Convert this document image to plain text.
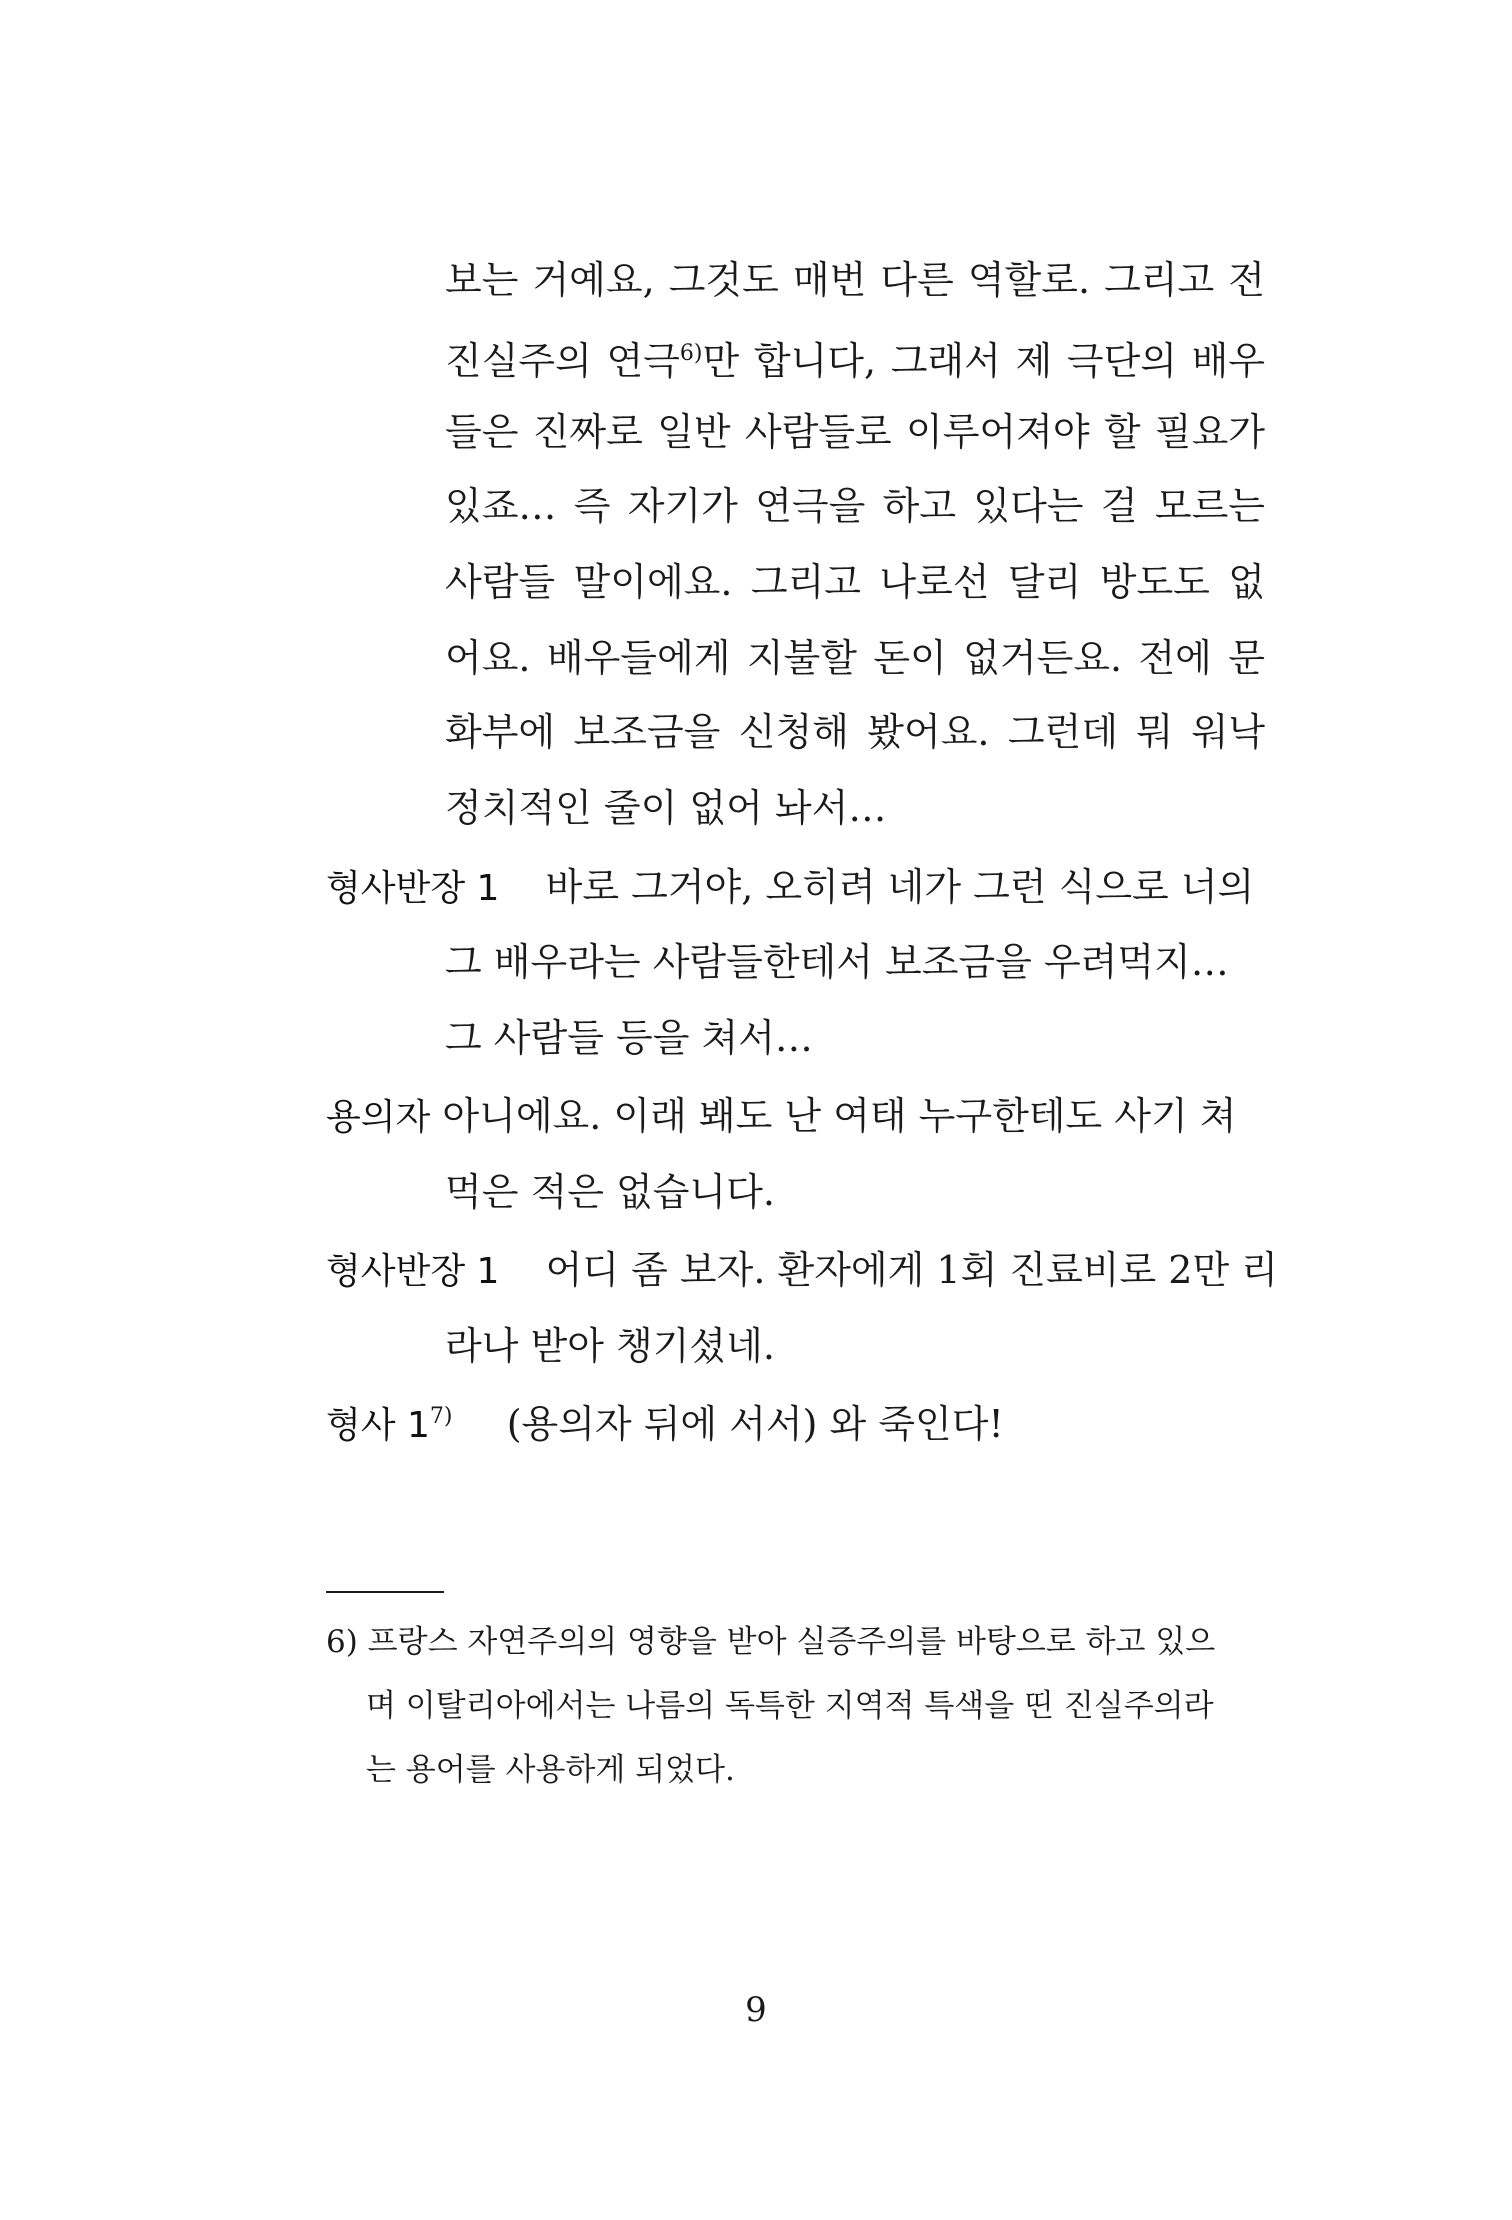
보는 거예요, 그것도 매번 다른 역할로. 그리고 전
진실주의 연극$^{6)}$만 합니다, 그래서 제 극단의 배우
들은 진짜로 일반 사람들로 이루어져야 할 필요가
있죠… 즉 자기가 연극을 하고 있다는 걸 모르는
사람들 말이에요. 그리고 나로선 달리 방도도 없
어요. 배우들에게 지불할 돈이 없거든요. 전에 문
화부에 보조금을 신청해 봤어요. 그런데 뭐 워낙
정치적인 줄이 없어 놔서…
형사반장 1 바로 그거야, 오히려 네가 그런 식으로 너의
그 배우라는 사람들한테서 보조금을 우려먹지…
그 사람들 등을 쳐서…
용의자 아니에요. 이래 봬도 난 여태 누구한테도 사기 쳐
먹은 적은 없습니다.
형사반장 1 어디 좀 보자. 환자에게 1회 진료비로 2만 리
라나 받아 챙기셨네.
형사 1$^{7)}$ (용의자 뒤에 서서) 와 죽인다!
6) 프랑스 자연주의의 영향을 받아 실증주의를 바탕으로 하고 있으
며 이탈리아에서는 나름의 독특한 지역적 특색을 띤 진실주의라
는 용어를 사용하게 되었다.
9
